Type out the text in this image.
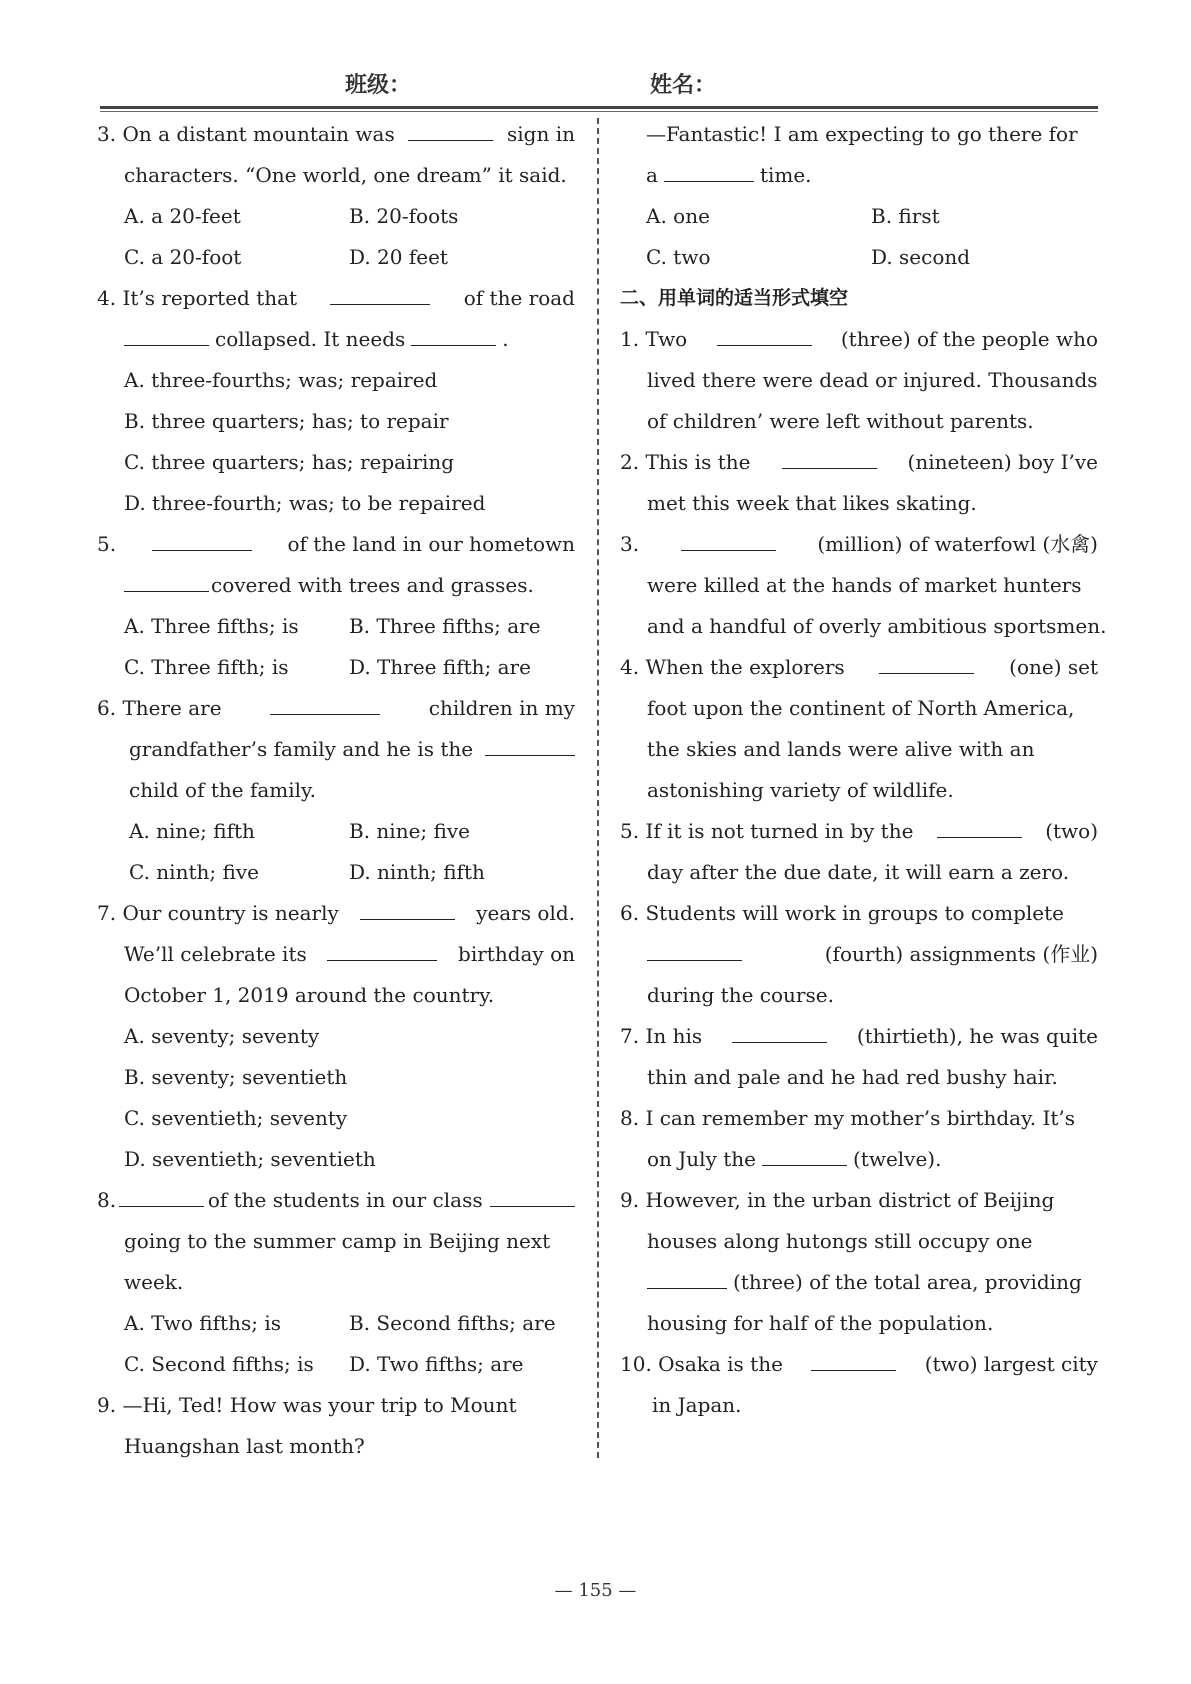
班级：	姓名：
3. On a distant mountain was	sign in
characters. “One world, one dream” it said.
A. a 20-feet	B. 20-foots
C. a 20-foot	D. 20 feet
4. It’s reported that	of the road
collapsed. It needs	.
A. three-fourths; was; repaired
B. three quarters; has; to repair
C. three quarters; has; repairing
D. three-fourth; was; to be repaired
5.	of the land in our hometown
covered with trees and grasses.
A. Three fifths; is	B. Three fifths; are
C. Three fifth; is	D. Three fifth; are
6. There are	children in my
grandfather’s family and he is the
child of the family.
A. nine; fifth	B. nine; five
C. ninth; five	D. ninth; fifth
7. Our country is nearly	years old.
We’ll celebrate its	birthday on
October 1, 2019 around the country.
A. seventy; seventy
B. seventy; seventieth
C. seventieth; seventy
D. seventieth; seventieth
8.	of the students in our class
going to the summer camp in Beijing next
week.
A. Two fifths; is	B. Second fifths; are
C. Second fifths; is	D. Two fifths; are
9. —Hi, Ted! How was your trip to Mount
Huangshan last month?
—Fantastic! I am expecting to go there for
a	time.
A. one	B. first
C. two	D. second
二、用单词的适当形式填空
1. Two	(three) of the people who
lived there were dead or injured. Thousands
of children’ were left without parents.
2. This is the	(nineteen) boy I’ve
met this week that likes skating.
3.	(million) of waterfowl (水禽)
were killed at the hands of market hunters
and a handful of overly ambitious sportsmen.
4. When the explorers	(one) set
foot upon the continent of North America,
the skies and lands were alive with an
astonishing variety of wildlife.
5. If it is not turned in by the	(two)
day after the due date, it will earn a zero.
6. Students will work in groups to complete
(fourth) assignments (作业)
during the course.
7. In his	(thirtieth), he was quite
thin and pale and he had red bushy hair.
8. I can remember my mother’s birthday. It’s
on July the	(twelve).
9. However, in the urban district of Beijing
houses along hutongs still occupy one
(three) of the total area, providing
housing for half of the population.
10. Osaka is the	(two) largest city
in Japan.
— 155 —
